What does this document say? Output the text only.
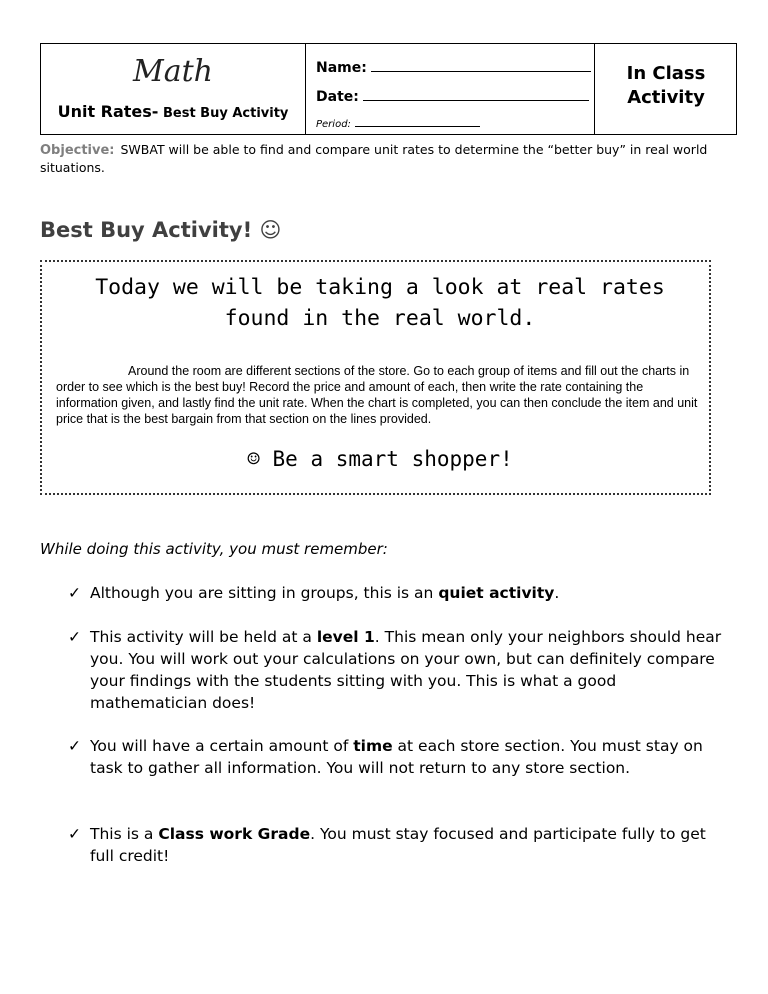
Math
Unit Rates- Best Buy Activity
Name:
Date:
Period:
In Class
Activity
Objective: SWBAT will be able to find and compare unit rates to determine the “better buy” in real world situations.
Best Buy Activity! ☺
Today we will be taking a look at real rates found in the real world.
Around the room are different sections of the store. Go to each group of items and fill out the charts in order to see which is the best buy! Record the price and amount of each, then write the rate containing the information given, and lastly find the unit rate. When the chart is completed, you can then conclude the item and unit price that is the best bargain from that section on the lines provided.
☺ Be a smart shopper!
While doing this activity, you must remember:
✓ Although you are sitting in groups, this is an quiet activity.
✓ This activity will be held at a level 1. This mean only your neighbors should hear you. You will work out your calculations on your own, but can definitely compare your findings with the students sitting with you. This is what a good mathematician does!
✓ You will have a certain amount of time at each store section. You must stay on task to gather all information. You will not return to any store section.
✓ This is a Class work Grade. You must stay focused and participate fully to get full credit!
